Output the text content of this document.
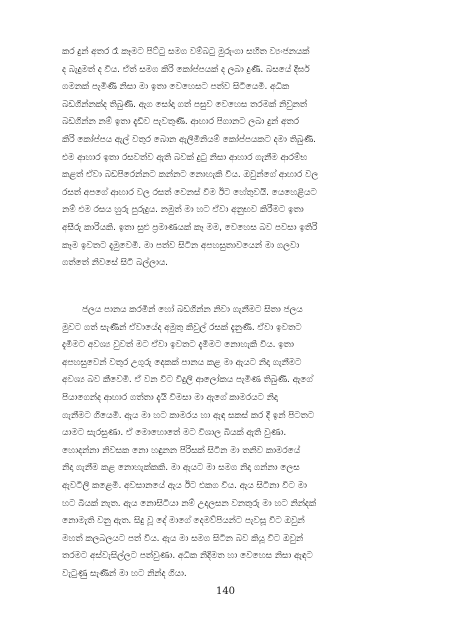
කර දුන් අතර රෑ කෑමට පිට්ටු සමග වම්බටු මුරුංගා සහිත ව්‍යංජනයක්
ද බැදුමත් ද විය. ඒත් සමග කිරි කෝප්පයක් ද ලබා දුණි. බසයේ දීර්ඝ
ගමනක් පැමිණි නිසා මා ඉතා වෙහෙසට පත්ව සිටියෙමි. අධික
බඩගින්නක්ද තිබුණි. ඇග සෝදා ගත් පසුව වෙහෙස තරමක් නිවුනත්
බඩගින්න නම් ඉතා දැඩිව පැවතුණි. ආහාර පිගානට ලබා දුන් අතර
කිරි කෝප්පය ඇල් වතුර බොන ඇලිමිනියම් කෝප්පයකට දමා තිබුණි.
එම ආහාර ඉතා රසවත්ව ඇති බවක් දුටු නිසා ආහාර ගැනීම ආරම්භ
කළත් ඒවා බඩපිරෙන්නට කන්නට නොහැකි විය. ඔවුන්ගේ ආහාර වල
රසත් අපගේ ආහාර වල රසත් වෙනස් වීම ඊට හේතුවයි. යෙහෙළියට
නම් එම රසය හුරු පුරුදුය. නමුත් මා හට ඒවා අනුභව කිරීමට ඉතා
අසීරු කාරියකි. ඉතා සුළු ප්‍රමාණයක් කෑ මම, වෙහෙස බව පවසා ඉතිරි
කෑම ඉවතට දැමුවෙමි. මා පත්ව සිටින අපහසුතාවයෙන් මා ගලවා
ගත්තේ නිවසේ සිටි බල්ලාය.
ජලය පානය කරමින් හෝ බඩගින්න නිවා ගැනීමට සිතා ජලය
මුවට ගත් සැණින් ඒවායේද අමුතු කිවුල් රසක් දැනුණි. ඒවා ඉවතට
දැමීමට අවශ්‍ය වුවත් මට ඒවා ඉවතට දැමීමට නොහැකි විය. ඉතා
අපහසුවෙන් වතුර උගුරු දෙකක් පානය කළ මා ඇයට නිදා ගැනීමට
අවශ්‍ය බව කීවෙමි. ඒ වන විට විදුලි ආලෝකය පැමිණ තිබුණි. ඇගේ
පියාගෙන්ද ආහාර ගත්තා දැයි විමසා මා ඇගේ කාමරයට නිදා
ගැනීමට ගියෙමි. ඇය මා හට කාමරය හා ඇඳ සකස් කර දී ඉන් පිටතට
යාමට සැරසුණා. ඒ මොහොතේ මට විශාල බියක් ඇති වුණා.
හොදන්නා නිවසක නො හඳුනන පිරිසක් සිටින මා තනිව කාමරයේ
නිදා ගැනීම කළ නොහැක්කකි. මා ඇයට මා සමග නිදා ගන්නා ලෙස
ඇවටිලි කළෙමි. අවසානයේ ඇය ඊට එකග විය. ඇය සිටිනා විට මා
හට බියක් නැත. ඇය නොසිටියා නම් උදලසන වනතුරු මා හට නින්දක්
නොමැති වනු ඇත. සිදු වූ දේ මාගේ දෙමව්පියන්ට පැවසූ විට ඔවුන්
මහත් කලබලයට පත් විය. ඇය මා සමග සිටින බව කියූ විට ඔවුන්
තරමට අස්වැසිල්ලට පත්වුණා. අධික නිදිමත හා වෙහෙස නිසා ඇඳට
වැටුණු සැණින් මා හට නින්ද ගියා.
140
